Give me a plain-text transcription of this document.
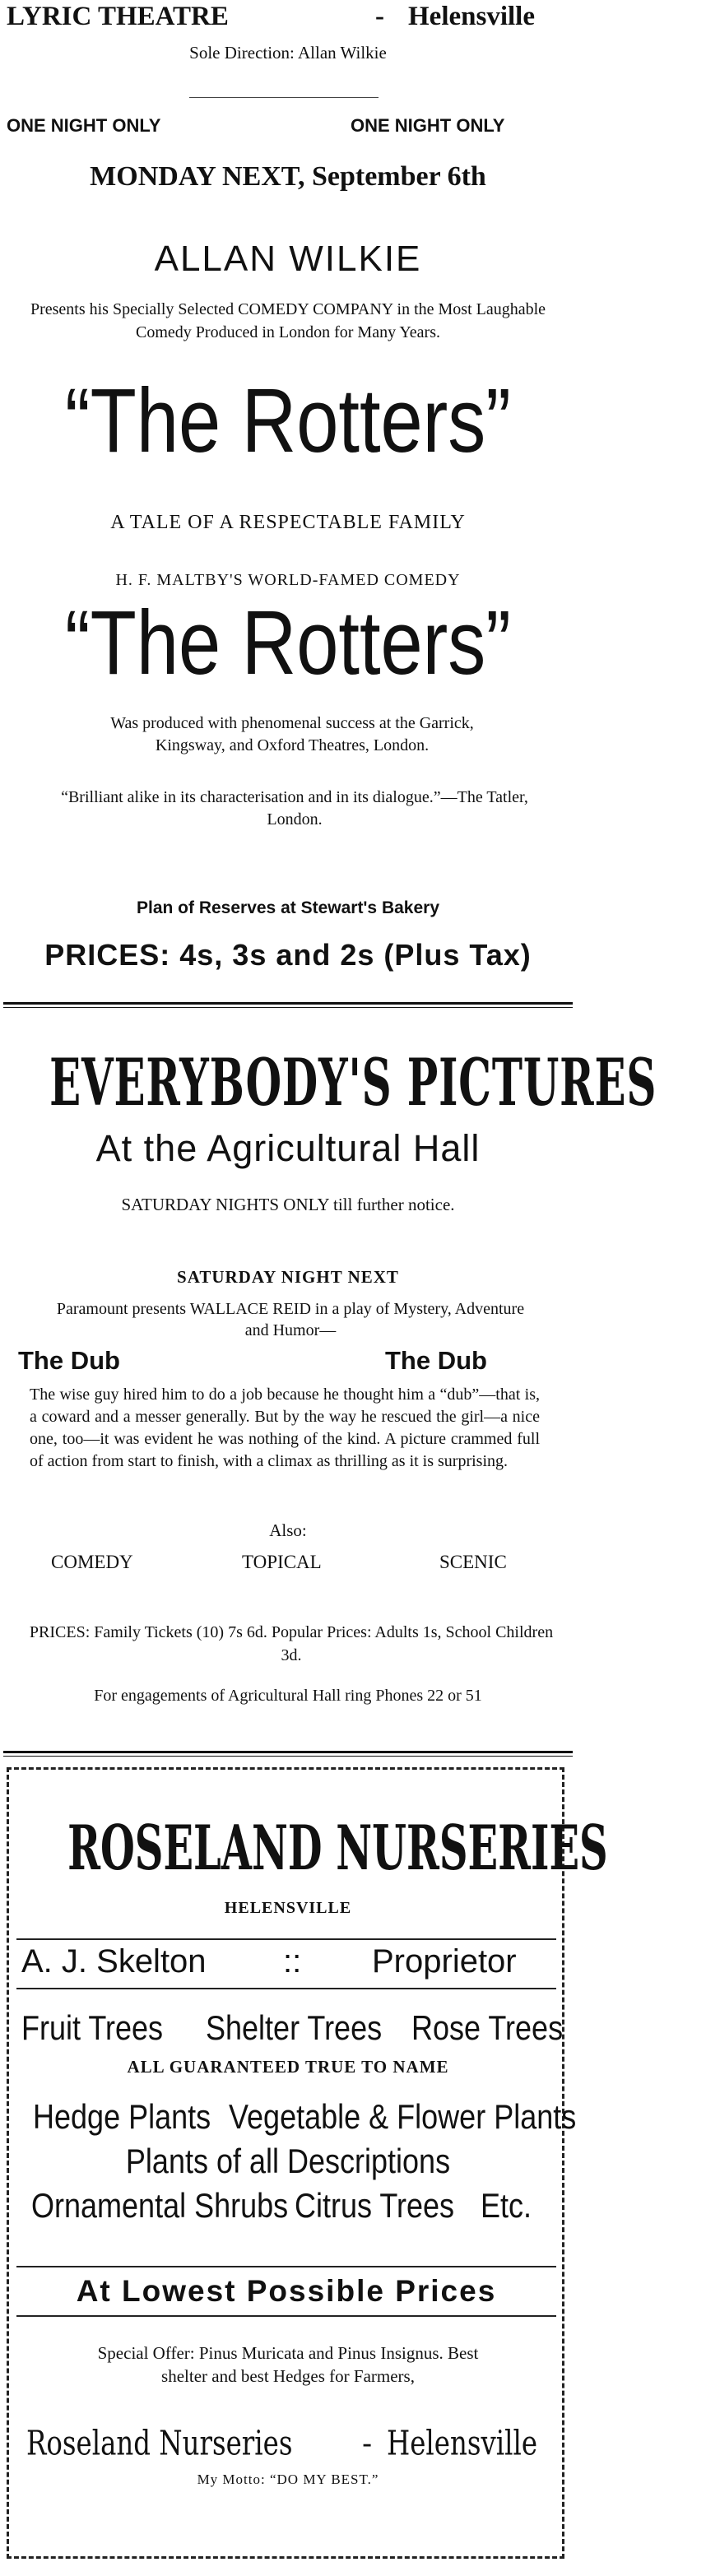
LYRIC THEATRE	- Helensville
Sole Direction: Allan Wilkie
ONE NIGHT ONLY	ONE NIGHT ONLY
MONDAY NEXT, September 6th
ALLAN WILKIE
Presents his Specially Selected COMEDY COMPANY in the Most Laughable Comedy Produced in London for Many Years.
“The Rotters”
A TALE OF A RESPECTABLE FAMILY
H. F. MALTBY'S WORLD-FAMED COMEDY
“The Rotters”
Was produced with phenomenal success at the Garrick, Kingsway, and Oxford Theatres, London.
“Brilliant alike in its characterisation and in its dialogue.”—The Tatler, London.
Plan of Reserves at Stewart's Bakery
PRICES: 4s, 3s and 2s (Plus Tax)
EVERYBODY'S PICTURES
At the Agricultural Hall
SATURDAY NIGHTS ONLY till further notice.
SATURDAY NIGHT NEXT
Paramount presents WALLACE REID in a play of Mystery, Adventure and Humor—
The Dub	The Dub
The wise guy hired him to do a job because he thought him a “dub”—that is, a coward and a messer generally. But by the way he rescued the girl—a nice one, too—it was evident he was nothing of the kind. A picture crammed full of action from start to finish, with a climax as thrilling as it is surprising.
Also:
COMEDY	TOPICAL	SCENIC
PRICES: Family Tickets (10) 7s 6d. Popular Prices: Adults 1s, School Children 3d.
For engagements of Agricultural Hall ring Phones 22 or 51
ROSELAND NURSERIES
HELENSVILLE
A. J. Skelton :: Proprietor
Fruit Trees Shelter Trees Rose Trees
ALL GUARANTEED TRUE TO NAME
Hedge Plants Vegetable & Flower Plants
Plants of all Descriptions
Ornamental Shrubs Citrus Trees Etc.
At Lowest Possible Prices
Special Offer: Pinus Muricata and Pinus Insignus. Best shelter and best Hedges for Farmers,
Roseland Nurseries - Helensville
My Motto: “DO MY BEST.”
